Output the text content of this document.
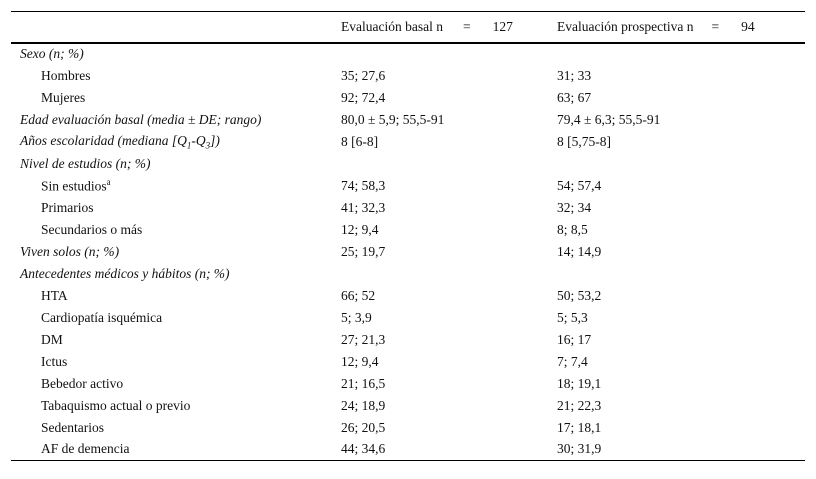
	Evaluación basal n = 127	Evaluación prospectiva n = 94

Sexo (n; %)		
Hombres	35; 27,6	31; 33
Mujeres	92; 72,4	63; 67
Edad evaluación basal (media ± DE; rango)	80,0 ± 5,9; 55,5-91	79,4 ± 6,3; 55,5-91
Años escolaridad (mediana $[Q_1-Q_3]$)	8 [6-8]	8 [5,75-8]
Nivel de estudios (n; %)		
Sin estudios$^a$	74; 58,3	54; 57,4
Primarios	41; 32,3	32; 34
Secundarios o más	12; 9,4	8; 8,5
Viven solos (n; %)	25; 19,7	14; 14,9
Antecedentes médicos y hábitos (n; %)		
HTA	66; 52	50; 53,2
Cardiopatía isquémica	5; 3,9	5; 5,3
DM	27; 21,3	16; 17
Ictus	12; 9,4	7; 7,4
Bebedor activo	21; 16,5	18; 19,1
Tabaquismo actual o previo	24; 18,9	21; 22,3
Sedentarios	26; 20,5	17; 18,1
AF de demencia	44; 34,6	30; 31,9
